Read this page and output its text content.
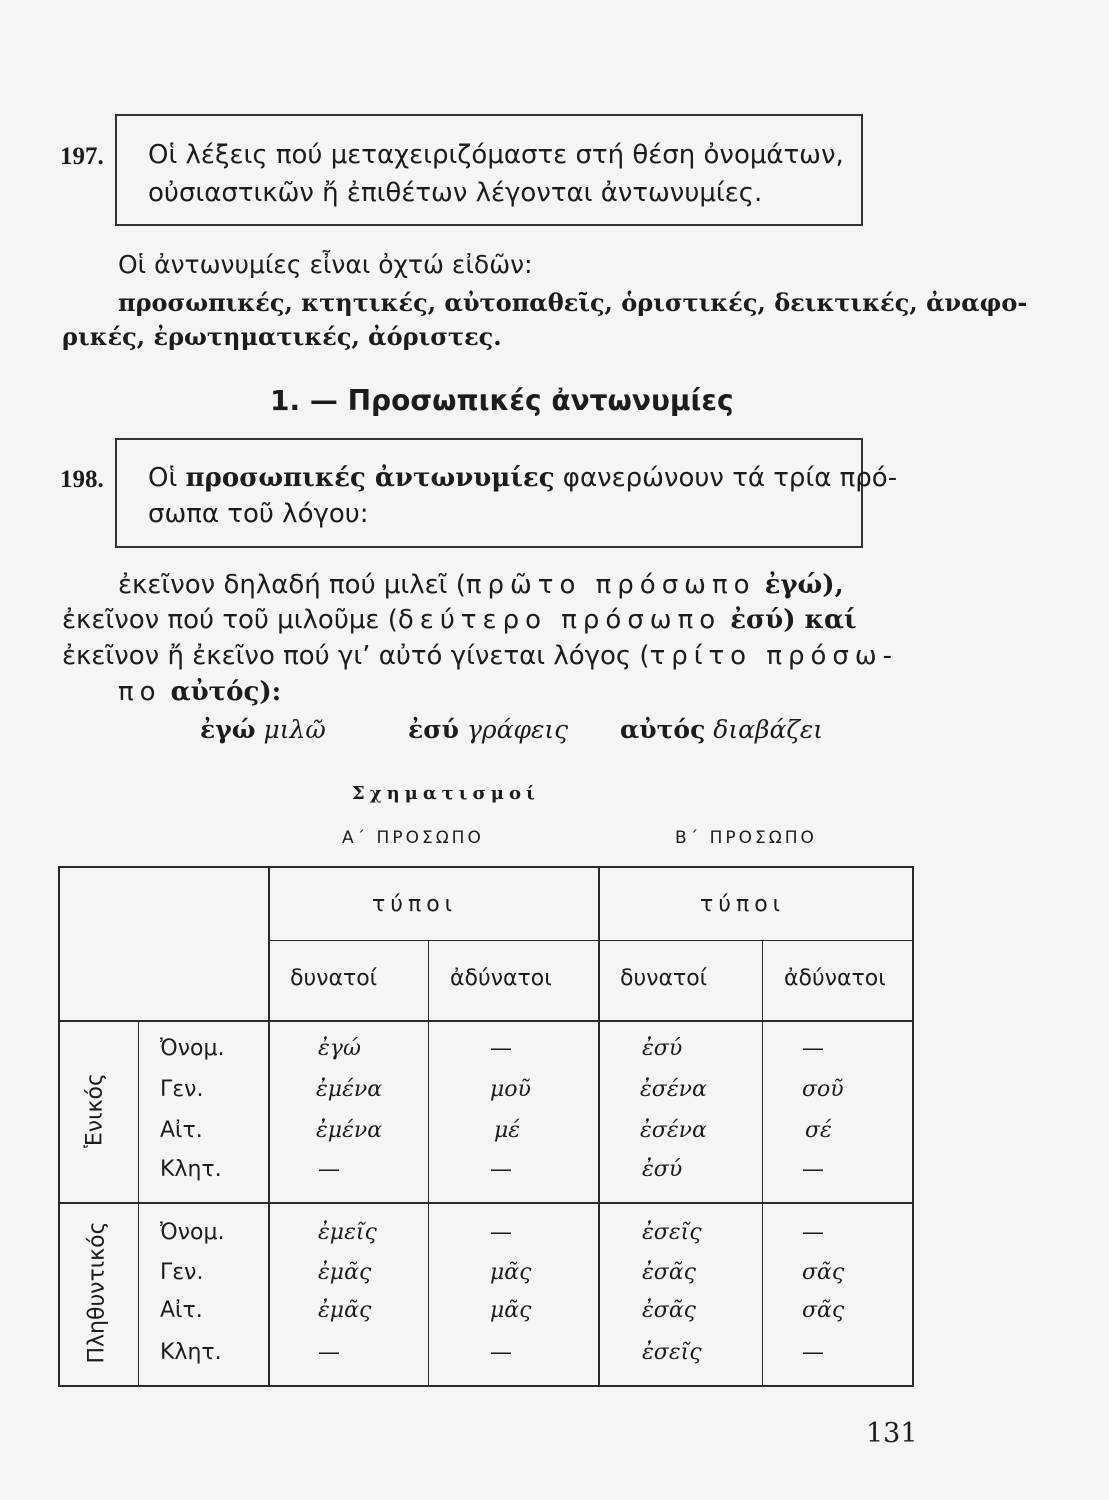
197. Οἱ λέξεις πού μεταχειριζόμαστε στή θέση ὀνομάτων,
οὐσιαστικῶν ἤ ἐπιθέτων λέγονται ἀντωνυμίες.
Οἱ ἀντωνυμίες εἶναι ὀχτώ εἰδῶν:
προσωπικές, κτητικές, αὐτοπαθεῖς, ὁριστικές, δεικτικές, ἀναφο-
ρικές, ἐρωτηματικές, ἀόριστες.
1. — Προσωπικές ἀντωνυμίες
198. Οἱ προσωπικές ἀντωνυμίες φανερώνουν τά τρία πρό-
σωπα τοῦ λόγου:
ἐκεῖνον δηλαδή πού μιλεῖ (πρῶτο πρόσωπο ἐγώ),
ἐκεῖνον πού τοῦ μιλοῦμε (δεύτερο πρόσωπο ἐσύ) καί
ἐκεῖνον ἤ ἐκεῖνο πού γι’ αὐτό γίνεται λόγος (τρίτο πρόσω-
πο αὐτός):
ἐγώ μιλῶ	ἐσύ γράφεις αὐτός διαβάζει
Σχηματισμοί
Α΄ ΠΡΟΣΩΠΟ	Β΄ ΠΡΟΣΩΠΟ
τύποι	τύποι
δυνατοί	ἀδύνατοι	δυνατοί	ἀδύνατοι
Ἑνικός
Πληθυντικός
Ὀνομ.	ἐγώ	—	ἐσύ	—
Γεν.	ἐμένα	μοῦ	ἐσένα	σοῦ
Αἰτ.	ἐμένα	μέ	ἐσένα	σέ
Κλητ.	—	—	ἐσύ	—
Ὀνομ.	ἐμεῖς	—	ἐσεῖς	—
Γεν.	ἐμᾶς	μᾶς	ἐσᾶς	σᾶς
Αἰτ.	ἐμᾶς	μᾶς	ἐσᾶς	σᾶς
Κλητ.	—	—	ἐσεῖς	—
131
